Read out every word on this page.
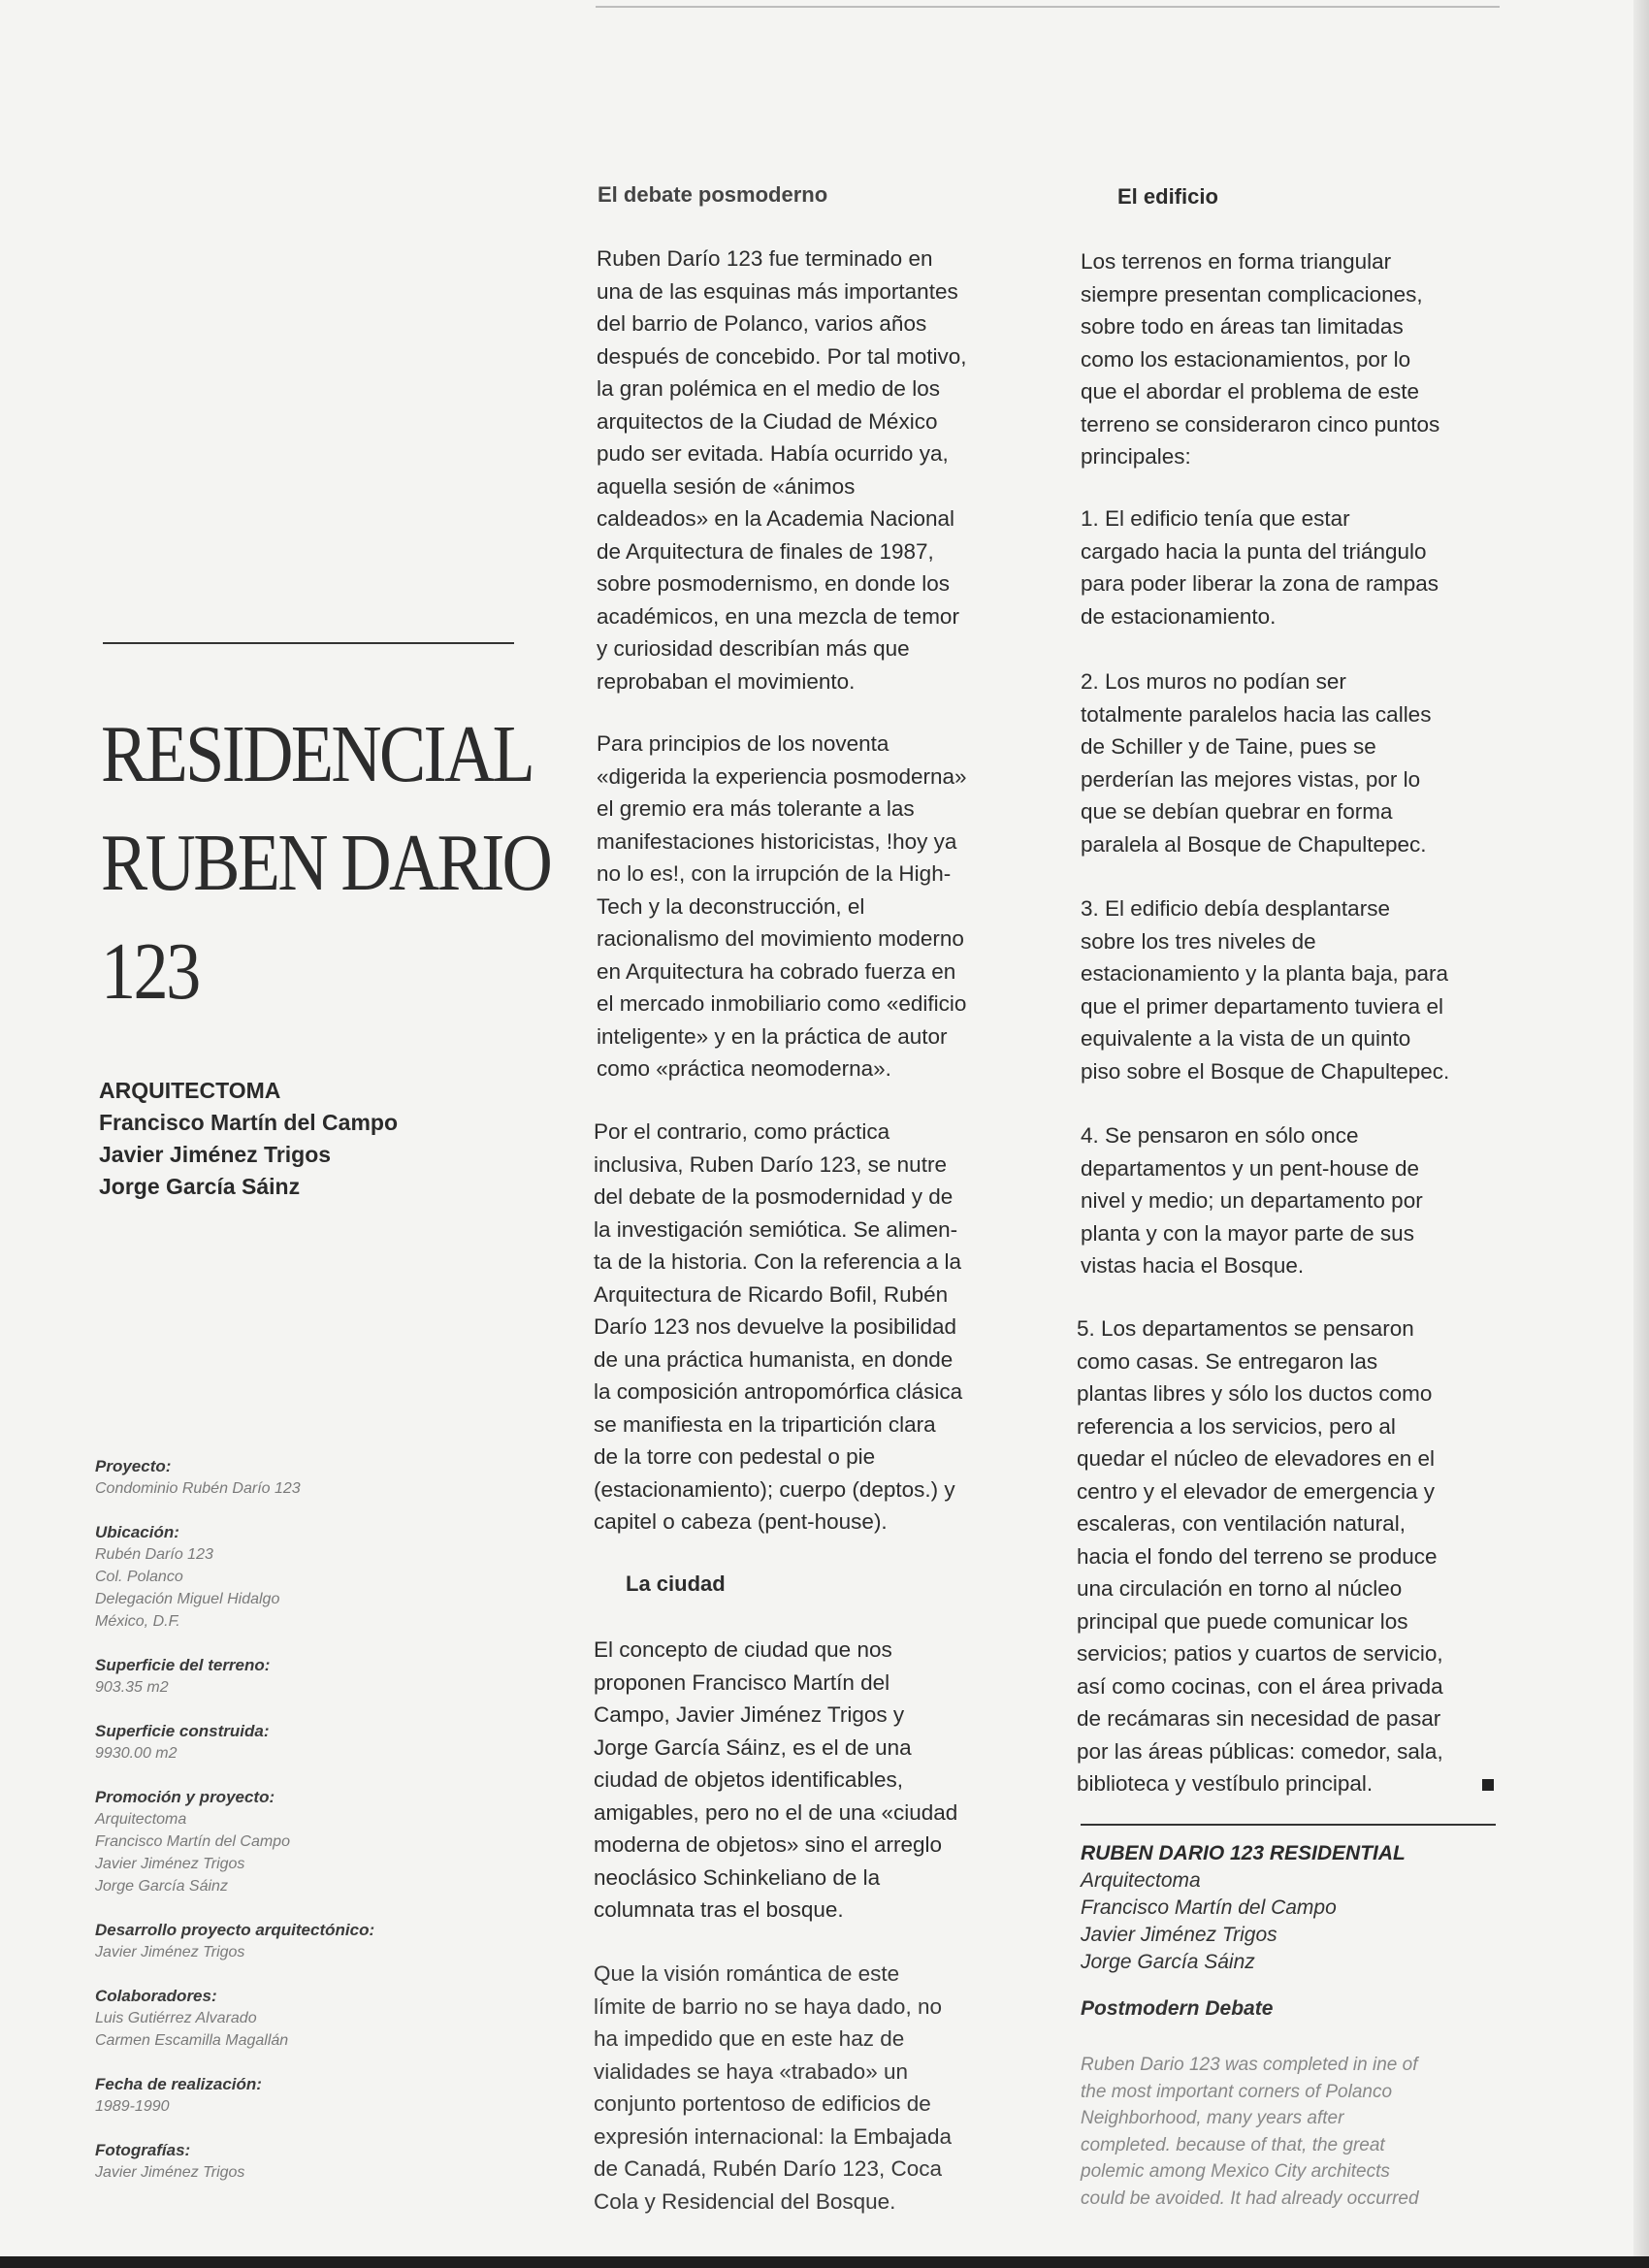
RESIDENCIAL
RUBEN DARIO
123
ARQUITECTOMA
Francisco Martín del Campo
Javier Jiménez Trigos
Jorge García Sáinz
Proyecto:
Condominio Rubén Darío 123
Ubicación:
Rubén Darío 123
Col. Polanco
Delegación Miguel Hidalgo
México, D.F.
Superficie del terreno:
903.35 m2
Superficie construida:
9930.00 m2
Promoción y proyecto:
Arquitectoma
Francisco Martín del Campo
Javier Jiménez Trigos
Jorge García Sáinz
Desarrollo proyecto arquitectónico:
Javier Jiménez Trigos
Colaboradores:
Luis Gutiérrez Alvarado
Carmen Escamilla Magallán
Fecha de realización:
1989-1990
Fotografías:
Javier Jiménez Trigos
El debate posmoderno

Ruben Darío 123 fue terminado en
una de las esquinas más importantes
del barrio de Polanco, varios años
después de concebido. Por tal motivo,
la gran polémica en el medio de los
arquitectos de la Ciudad de México
pudo ser evitada. Había ocurrido ya,
aquella sesión de «ánimos
caldeados» en la Academia Nacional
de Arquitectura de finales de 1987,
sobre posmodernismo, en donde los
académicos, en una mezcla de temor
y curiosidad describían más que
reprobaban el movimiento.

Para principios de los noventa
«digerida la experiencia posmoderna»
el gremio era más tolerante a las
manifestaciones historicistas, !hoy ya
no lo es!, con la irrupción de la High-
Tech y la deconstrucción, el
racionalismo del movimiento moderno
en Arquitectura ha cobrado fuerza en
el mercado inmobiliario como «edificio
inteligente» y en la práctica de autor
como «práctica neomoderna».

Por el contrario, como práctica
inclusiva, Ruben Darío 123, se nutre
del debate de la posmodernidad y de
la investigación semiótica. Se alimen-
ta de la historia. Con la referencia a la
Arquitectura de Ricardo Bofil, Rubén
Darío 123 nos devuelve la posibilidad
de una práctica humanista, en donde
la composición antropomórfica clásica
se manifiesta en la tripartición clara
de la torre con pedestal o pie
(estacionamiento); cuerpo (deptos.) y
capitel o cabeza (pent-house).

La ciudad

El concepto de ciudad que nos
proponen Francisco Martín del
Campo, Javier Jiménez Trigos y
Jorge García Sáinz, es el de una
ciudad de objetos identificables,
amigables, pero no el de una «ciudad
moderna de objetos» sino el arreglo
neoclásico Schinkeliano de la
columnata tras el bosque.

Que la visión romántica de este
límite de barrio no se haya dado, no
ha impedido que en este haz de
vialidades se haya «trabado» un
conjunto portentoso de edificios de
expresión internacional: la Embajada
de Canadá, Rubén Darío 123, Coca
Cola y Residencial del Bosque.

El edificio

Los terrenos en forma triangular
siempre presentan complicaciones,
sobre todo en áreas tan limitadas
como los estacionamientos, por lo
que el abordar el problema de este
terreno se consideraron cinco puntos
principales:

1. El edificio tenía que estar
cargado hacia la punta del triángulo
para poder liberar la zona de rampas
de estacionamiento.

2. Los muros no podían ser
totalmente paralelos hacia las calles
de Schiller y de Taine, pues se
perderían las mejores vistas, por lo
que se debían quebrar en forma
paralela al Bosque de Chapultepec.

3. El edificio debía desplantarse
sobre los tres niveles de
estacionamiento y la planta baja, para
que el primer departamento tuviera el
equivalente a la vista de un quinto
piso sobre el Bosque de Chapultepec.

4. Se pensaron en sólo once
departamentos y un pent-house de
nivel y medio; un departamento por
planta y con la mayor parte de sus
vistas hacia el Bosque.

5. Los departamentos se pensaron
como casas. Se entregaron las
plantas libres y sólo los ductos como
referencia a los servicios, pero al
quedar el núcleo de elevadores en el
centro y el elevador de emergencia y
escaleras, con ventilación natural,
hacia el fondo del terreno se produce
una circulación en torno al núcleo
principal que puede comunicar los
servicios; patios y cuartos de servicio,
así como cocinas, con el área privada
de recámaras sin necesidad de pasar
por las áreas públicas: comedor, sala,
biblioteca y vestíbulo principal.

RUBEN DARIO 123 RESIDENTIAL
Arquitectoma
Francisco Martín del Campo
Javier Jiménez Trigos
Jorge García Sáinz
Postmodern Debate
Ruben Dario 123 was completed in ine of
the most important corners of Polanco
Neighborhood, many years after
completed. because of that, the great
polemic among Mexico City architects
could be avoided. It had already occurred
